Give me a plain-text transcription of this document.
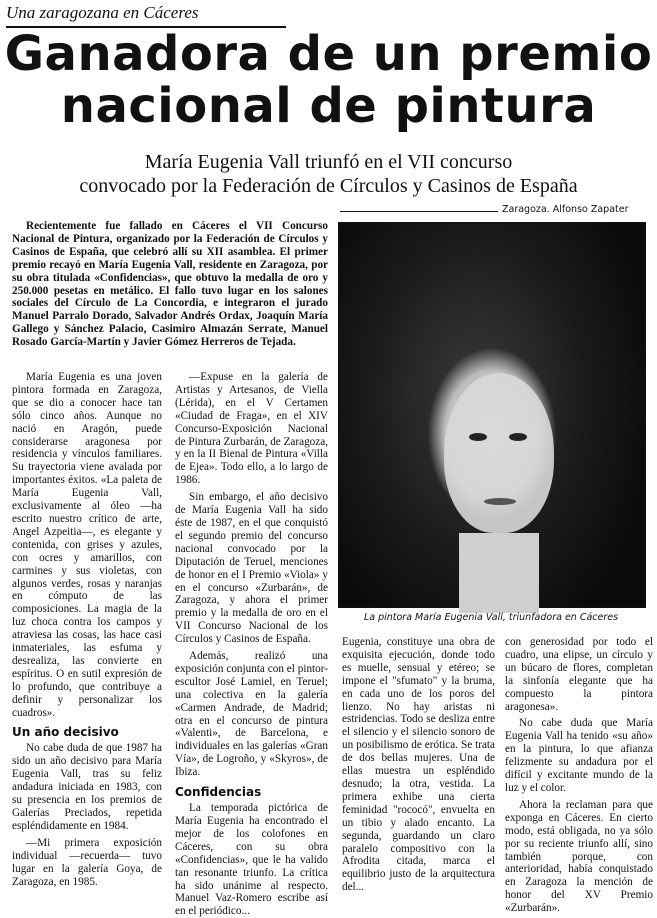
Una zaragozana en Cáceres
Ganadora de un premio
nacional de pintura
María Eugenia Vall triunfó en el VII concurso
convocado por la Federación de Círculos y Casinos de España
Zaragoza. Alfonso Zapater

Recientemente fue fallado en Cáceres el VII Concurso Nacional de Pintura, organizado por la Federación de Círculos y Casinos de España, que celebró allí su XII asamblea. El primer premio recayó en María Eugenia Vall, residente en Zaragoza, por su obra titulada «Confidencias», que obtuvo la medalla de oro y 250.000 pesetas en metálico. El fallo tuvo lugar en los salones sociales del Círculo de La Concordia, e integraron el jurado Manuel Parralo Dorado, Salvador Andrés Ordax, Joaquín María Gallego y Sánchez Palacio, Casimiro Almazán Serrate, Manuel Rosado García-Martín y Javier Gómez Herreros de Tejada.

María Eugenia es una joven pintora formada en Zaragoza, que se dio a conocer hace tan sólo cinco años. Aunque no nació en Aragón, puede considerarse aragonesa por residencia y vínculos familiares. Su trayectoria viene avalada por importantes éxitos. «La paleta de María Eugenia Vall, exclusivamente al óleo —ha escrito nuestro crítico de arte, Angel Azpeitia—, es elegante y contenida, con grises y azules, con ocres y amarillos, con carmines y sus violetas, con algunos verdes, rosas y naranjas en cómputo de las composiciones. La magia de la luz choca contra los campos y atraviesa las cosas, las hace casi inmateriales, las esfuma y desrealiza, las convierte en espíritus. O en sutil expresión de lo profundo, que contribuye a definir y personalizar los cuadros».

Un año decisivo

No cabe duda de que 1987 ha sido un año decisivo para María Eugenia Vall, tras su feliz andadura iniciada en 1983, con su presencia en los premios de Galerías Preciados, repetida espléndidamente en 1984.

—Mi primera exposición individual —recuerda— tuvo lugar en la galería Goya, de Zaragoza, en 1985.

—Expuse en la galería de Artistas y Artesanos, de Viella (Lérida), en el V Certamen «Ciudad de Fraga», en el XIV Concurso-Exposición Nacional de Pintura Zurbarán, de Zaragoza, y en la II Bienal de Pintura «Villa de Ejea». Todo ello, a lo largo de 1986.

Sin embargo, el año decisivo de María Eugenia Vall ha sido éste de 1987, en el que conquistó el segundo premio del concurso nacional convocado por la Diputación de Teruel, menciones de honor en el I Premio «Viola» y en el concurso «Zurbarán», de Zaragoza, y ahora el primer premio y la medalla de oro en el VII Concurso Nacional de los Círculos y Casinos de España.

Además, realizó una exposición conjunta con el pintor-escultor José Lamiel, en Teruel; una colectiva en la galería «Carmen Andrade, de Madrid; otra en el concurso de pintura «Valenti», de Barcelona, e individuales en las galerías «Gran Vía», de Logroño, y «Skyros», de Ibiza.

Confidencias

La temporada pictórica de María Eugenia ha encontrado el mejor de los colofones en Cáceres, con su obra «Confidencias», que le ha valido tan resonante triunfo. La crítica ha sido unánime al respecto. Manuel Vaz-Romero escribe así en el periódico...

La pintora María Eugenia Vall, triunfadora en Cáceres

Eugenia, constituye una obra de exquisita ejecución, donde todo es muelle, sensual y etéreo; se impone el "sfumato" y la bruma, en cada uno de los poros del lienzo. No hay aristas ni estridencias. Todo se desliza entre el silencio y el silencio sonoro de un posibilismo de erótica. Se trata de dos bellas mujeres. Una de ellas muestra un espléndido desnudo; la otra, vestida. La primera exhibe una cierta feminidad "rococó", envuelta en un tibio y alado encanto. La segunda, guardando un claro paralelo compositivo con la Afrodita citada, marca el equilibrio justo de la arquitectura del...

con generosidad por todo el cuadro, una elipse, un círculo y un búcaro de flores, completan la sinfonía elegante que ha compuesto la pintora aragonesa».

No cabe duda que María Eugenia Vall ha tenido «su año» en la pintura, lo que afianza felizmente su andadura por el difícil y excitante mundo de la luz y el color.

Ahora la reclaman para que exponga en Cáceres. En cierto modo, está obligada, no ya sólo por su reciente triunfo allí, sino también porque, con anterioridad, había conquistado en Zaragoza la mención de honor del XV Premio «Zurbarán».
